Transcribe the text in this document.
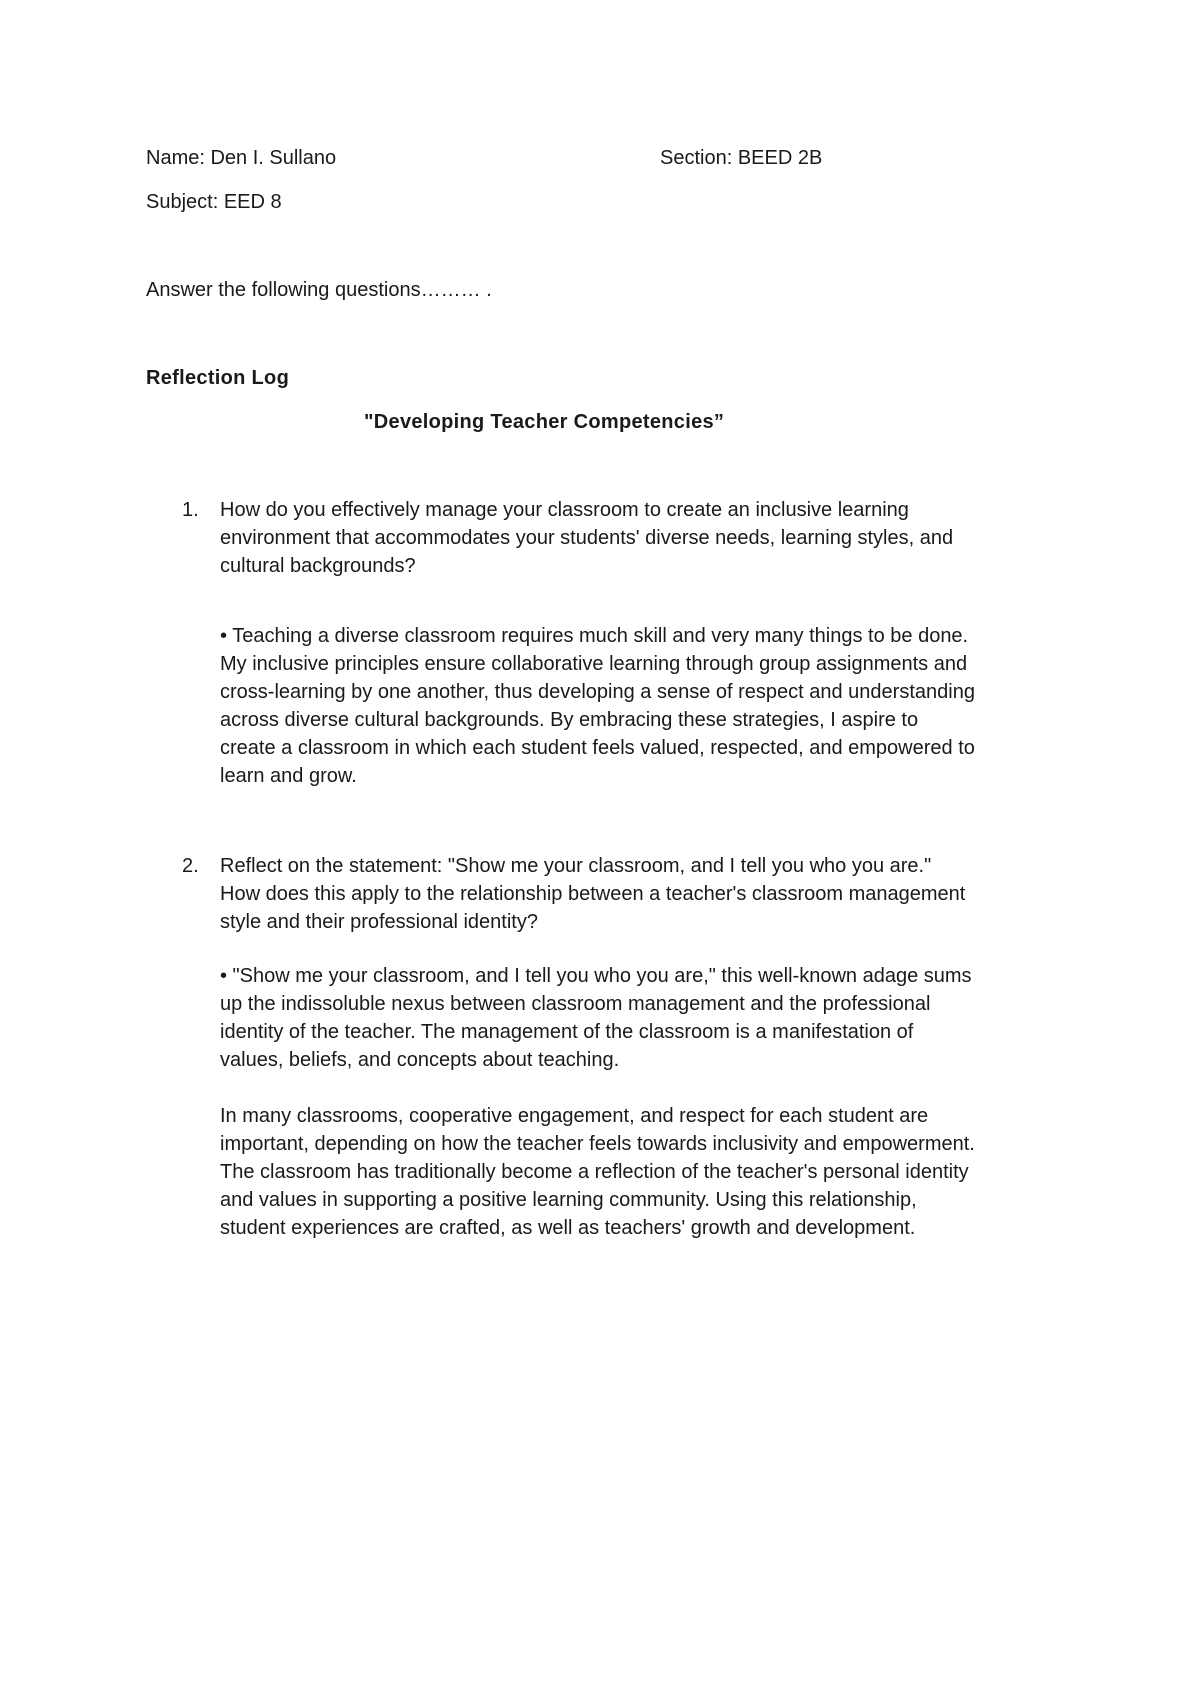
Name: Den I. Sullano	Section: BEED 2B
Subject: EED 8
Answer the following questions……… .
Reflection Log
"Developing Teacher Competencies”
1. How do you effectively manage your classroom to create an inclusive learning
environment that accommodates your students' diverse needs, learning styles, and
cultural backgrounds?
• Teaching a diverse classroom requires much skill and very many things to be done.
My inclusive principles ensure collaborative learning through group assignments and
cross-learning by one another, thus developing a sense of respect and understanding
across diverse cultural backgrounds. By embracing these strategies, I aspire to
create a classroom in which each student feels valued, respected, and empowered to
learn and grow.
2. Reflect on the statement: "Show me your classroom, and I tell you who you are."
How does this apply to the relationship between a teacher's classroom management
style and their professional identity?
• "Show me your classroom, and I tell you who you are," this well-known adage sums
up the indissoluble nexus between classroom management and the professional
identity of the teacher. The management of the classroom is a manifestation of
values, beliefs, and concepts about teaching.
In many classrooms, cooperative engagement, and respect for each student are
important, depending on how the teacher feels towards inclusivity and empowerment.
The classroom has traditionally become a reflection of the teacher's personal identity
and values in supporting a positive learning community. Using this relationship,
student experiences are crafted, as well as teachers' growth and development.
